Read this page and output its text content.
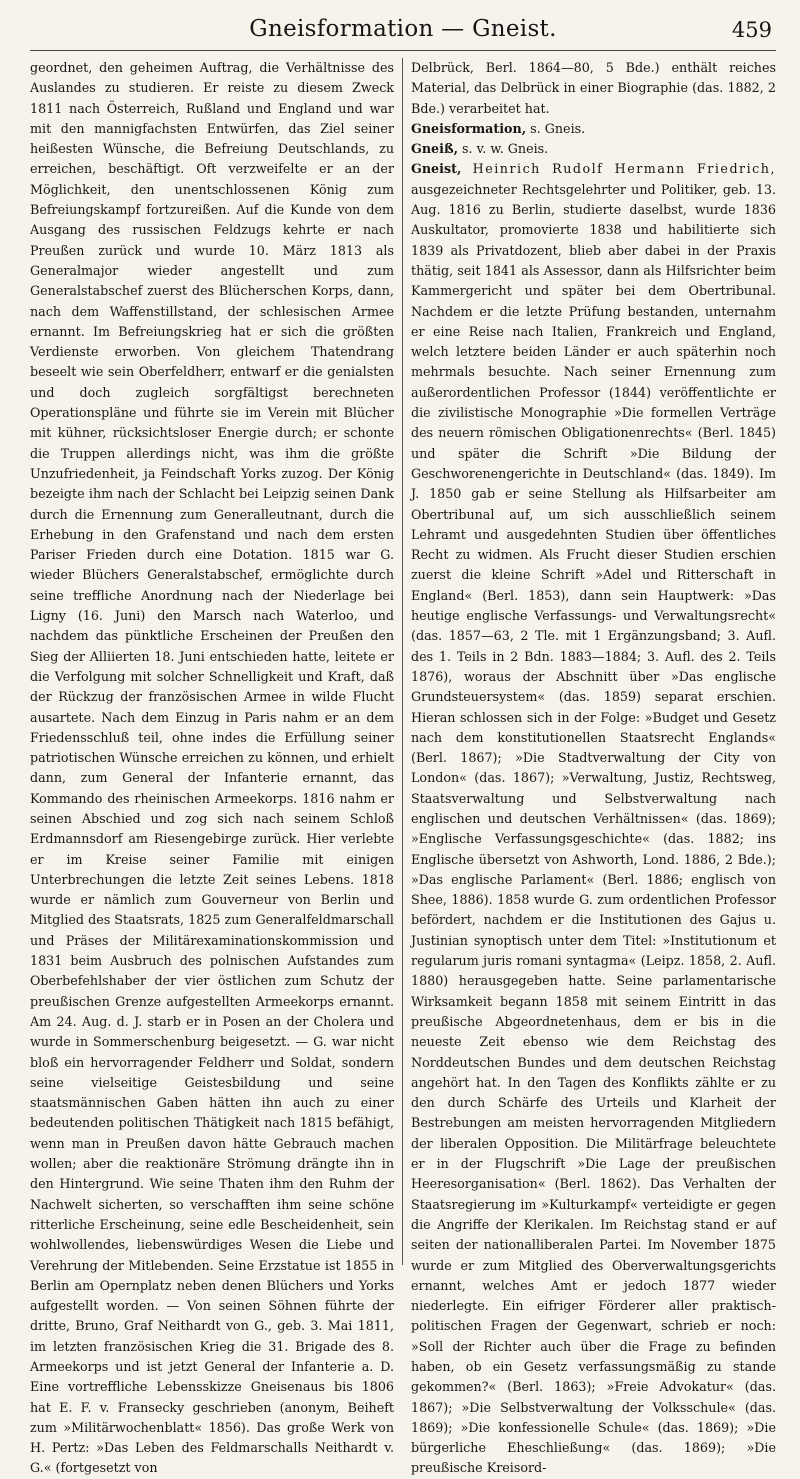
Gneisformation — Gneist.	459

geordnet, den geheimen Auftrag, die Verhältnisse des Auslandes zu studieren. Er reiste zu diesem Zweck 1811 nach Österreich, Rußland und England und war mit den mannigfachsten Entwürfen, das Ziel seiner heißesten Wünsche, die Befreiung Deutschlands, zu erreichen, beschäftigt. Oft verzweifelte er an der Möglichkeit, den unentschlossenen König zum Befreiungskampf fortzureißen. Auf die Kunde von dem Ausgang des russischen Feldzugs kehrte er nach Preußen zurück und wurde 10. März 1813 als Generalmajor wieder angestellt und zum Generalstabschef zuerst des Blücherschen Korps, dann, nach dem Waffenstillstand, der schlesischen Armee ernannt. Im Befreiungskrieg hat er sich die größten Verdienste erworben. Von gleichem Thatendrang beseelt wie sein Oberfeldherr, entwarf er die genialsten und doch zugleich sorgfältigst berechneten Operationspläne und führte sie im Verein mit Blücher mit kühner, rücksichtsloser Energie durch; er schonte die Truppen allerdings nicht, was ihm die größte Unzufriedenheit, ja Feindschaft Yorks zuzog. Der König bezeigte ihm nach der Schlacht bei Leipzig seinen Dank durch die Ernennung zum Generalleutnant, durch die Erhebung in den Grafenstand und nach dem ersten Pariser Frieden durch eine Dotation. 1815 war G. wieder Blüchers Generalstabschef, ermöglichte durch seine treffliche Anordnung nach der Niederlage bei Ligny (16. Juni) den Marsch nach Waterloo, und nachdem das pünktliche Erscheinen der Preußen den Sieg der Alliierten 18. Juni entschieden hatte, leitete er die Verfolgung mit solcher Schnelligkeit und Kraft, daß der Rückzug der französischen Armee in wilde Flucht ausartete. Nach dem Einzug in Paris nahm er an dem Friedensschluß teil, ohne indes die Erfüllung seiner patriotischen Wünsche erreichen zu können, und erhielt dann, zum General der Infanterie ernannt, das Kommando des rheinischen Armeekorps. 1816 nahm er seinen Abschied und zog sich nach seinem Schloß Erdmannsdorf am Riesengebirge zurück. Hier verlebte er im Kreise seiner Familie mit einigen Unterbrechungen die letzte Zeit seines Lebens. 1818 wurde er nämlich zum Gouverneur von Berlin und Mitglied des Staatsrats, 1825 zum Generalfeldmarschall und Präses der Militärexaminationskommission und 1831 beim Ausbruch des polnischen Aufstandes zum Oberbefehlshaber der vier östlichen zum Schutz der preußischen Grenze aufgestellten Armeekorps ernannt. Am 24. Aug. d. J. starb er in Posen an der Cholera und wurde in Sommerschenburg beigesetzt. — G. war nicht bloß ein hervorragender Feldherr und Soldat, sondern seine vielseitige Geistesbildung und seine staatsmännischen Gaben hätten ihn auch zu einer bedeutenden politischen Thätigkeit nach 1815 befähigt, wenn man in Preußen davon hätte Gebrauch machen wollen; aber die reaktionäre Strömung drängte ihn in den Hintergrund. Wie seine Thaten ihm den Ruhm der Nachwelt sicherten, so verschafften ihm seine schöne ritterliche Erscheinung, seine edle Bescheidenheit, sein wohlwollendes, liebenswürdiges Wesen die Liebe und Verehrung der Mitlebenden. Seine Erzstatue ist 1855 in Berlin am Opernplatz neben denen Blüchers und Yorks aufgestellt worden. — Von seinen Söhnen führte der dritte, Bruno, Graf Neithardt von G., geb. 3. Mai 1811, im letzten französischen Krieg die 31. Brigade des 8. Armeekorps und ist jetzt General der Infanterie a. D. Eine vortreffliche Lebensskizze Gneisenaus bis 1806 hat E. F. v. Fransecky geschrieben (anonym, Beiheft zum »Militärwochenblatt« 1856). Das große Werk von H. Pertz: »Das Leben des Feldmarschalls Neithardt v. G.« (fortgesetzt von

Delbrück, Berl. 1864—80, 5 Bde.) enthält reiches Material, das Delbrück in einer Biographie (das. 1882, 2 Bde.) verarbeitet hat.

Gneisformation, s. Gneis.

Gneiß, s. v. w. Gneis.

Gneist, Heinrich Rudolf Hermann Friedrich, ausgezeichneter Rechtsgelehrter und Politiker, geb. 13. Aug. 1816 zu Berlin, studierte daselbst, wurde 1836 Auskultator, promovierte 1838 und habilitierte sich 1839 als Privatdozent, blieb aber dabei in der Praxis thätig, seit 1841 als Assessor, dann als Hilfsrichter beim Kammergericht und später bei dem Obertribunal. Nachdem er die letzte Prüfung bestanden, unternahm er eine Reise nach Italien, Frankreich und England, welch letztere beiden Länder er auch späterhin noch mehrmals besuchte. Nach seiner Ernennung zum außerordentlichen Professor (1844) veröffentlichte er die zivilistische Monographie »Die formellen Verträge des neuern römischen Obligationenrechts« (Berl. 1845) und später die Schrift »Die Bildung der Geschworenengerichte in Deutschland« (das. 1849). Im J. 1850 gab er seine Stellung als Hilfsarbeiter am Obertribunal auf, um sich ausschließlich seinem Lehramt und ausgedehnten Studien über öffentliches Recht zu widmen. Als Frucht dieser Studien erschien zuerst die kleine Schrift »Adel und Ritterschaft in England« (Berl. 1853), dann sein Hauptwerk: »Das heutige englische Verfassungs- und Verwaltungsrecht« (das. 1857—63, 2 Tle. mit 1 Ergänzungsband; 3. Aufl. des 1. Teils in 2 Bdn. 1883—1884; 3. Aufl. des 2. Teils 1876), woraus der Abschnitt über »Das englische Grundsteuersystem« (das. 1859) separat erschien. Hieran schlossen sich in der Folge: »Budget und Gesetz nach dem konstitutionellen Staatsrecht Englands« (Berl. 1867); »Die Stadtverwaltung der City von London« (das. 1867); »Verwaltung, Justiz, Rechtsweg, Staatsverwaltung und Selbstverwaltung nach englischen und deutschen Verhältnissen« (das. 1869); »Englische Verfassungsgeschichte« (das. 1882; ins Englische übersetzt von Ashworth, Lond. 1886, 2 Bde.); »Das englische Parlament« (Berl. 1886; englisch von Shee, 1886). 1858 wurde G. zum ordentlichen Professor befördert, nachdem er die Institutionen des Gajus u. Justinian synoptisch unter dem Titel: »Institutionum et regularum juris romani syntagma« (Leipz. 1858, 2. Aufl. 1880) herausgegeben hatte. Seine parlamentarische Wirksamkeit begann 1858 mit seinem Eintritt in das preußische Abgeordnetenhaus, dem er bis in die neueste Zeit ebenso wie dem Reichstag des Norddeutschen Bundes und dem deutschen Reichstag angehört hat. In den Tagen des Konflikts zählte er zu den durch Schärfe des Urteils und Klarheit der Bestrebungen am meisten hervorragenden Mitgliedern der liberalen Opposition. Die Militärfrage beleuchtete er in der Flugschrift »Die Lage der preußischen Heeresorganisation« (Berl. 1862). Das Verhalten der Staatsregierung im »Kulturkampf« verteidigte er gegen die Angriffe der Klerikalen. Im Reichstag stand er auf seiten der nationalliberalen Partei. Im November 1875 wurde er zum Mitglied des Oberverwaltungsgerichts ernannt, welches Amt er jedoch 1877 wieder niederlegte. Ein eifriger Förderer aller praktisch-politischen Fragen der Gegenwart, schrieb er noch: »Soll der Richter auch über die Frage zu befinden haben, ob ein Gesetz verfassungsmäßig zu stande gekommen?« (Berl. 1863); »Freie Advokatur« (das. 1867); »Die Selbstverwaltung der Volksschule« (das. 1869); »Die konfessionelle Schule« (das. 1869); »Die bürgerliche Eheschließung« (das. 1869); »Die preußische Kreisord-
